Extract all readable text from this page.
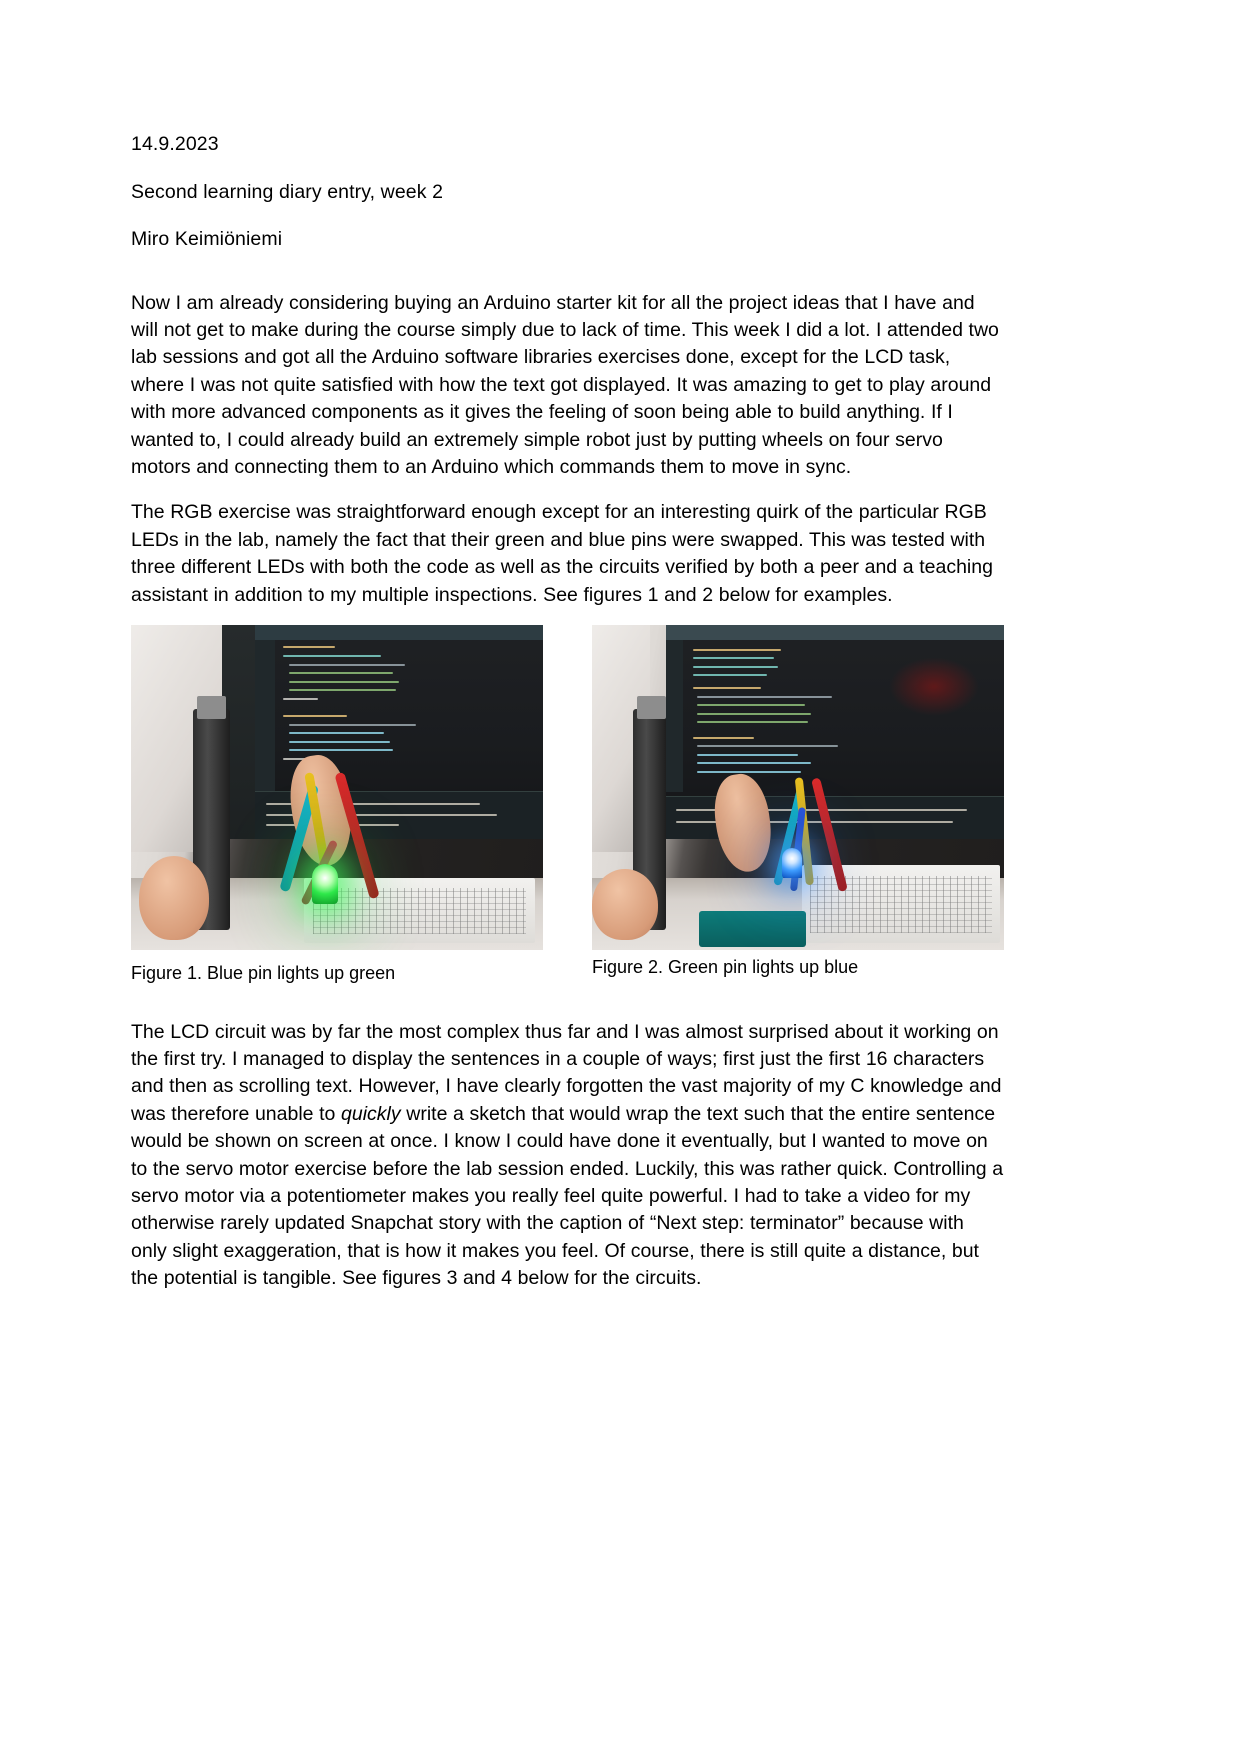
14.9.2023
Second learning diary entry, week 2
Miro Keimiöniemi

Now I am already considering buying an Arduino starter kit for all the project ideas that I have and will not get to make during the course simply due to lack of time. This week I did a lot. I attended two lab sessions and got all the Arduino software libraries exercises done, except for the LCD task, where I was not quite satisfied with how the text got displayed. It was amazing to get to play around with more advanced components as it gives the feeling of soon being able to build anything. If I wanted to, I could already build an extremely simple robot just by putting wheels on four servo motors and connecting them to an Arduino which commands them to move in sync.

The RGB exercise was straightforward enough except for an interesting quirk of the particular RGB LEDs in the lab, namely the fact that their green and blue pins were swapped. This was tested with three different LEDs with both the code as well as the circuits verified by both a peer and a teaching assistant in addition to my multiple inspections. See figures 1 and 2 below for examples.

Figure 1. Blue pin lights up green	Figure 2. Green pin lights up blue

The LCD circuit was by far the most complex thus far and I was almost surprised about it working on the first try. I managed to display the sentences in a couple of ways; first just the first 16 characters and then as scrolling text. However, I have clearly forgotten the vast majority of my C knowledge and was therefore unable to quickly write a sketch that would wrap the text such that the entire sentence would be shown on screen at once. I know I could have done it eventually, but I wanted to move on to the servo motor exercise before the lab session ended. Luckily, this was rather quick. Controlling a servo motor via a potentiometer makes you really feel quite powerful. I had to take a video for my otherwise rarely updated Snapchat story with the caption of “Next step: terminator” because with only slight exaggeration, that is how it makes you feel. Of course, there is still quite a distance, but the potential is tangible. See figures 3 and 4 below for the circuits.
